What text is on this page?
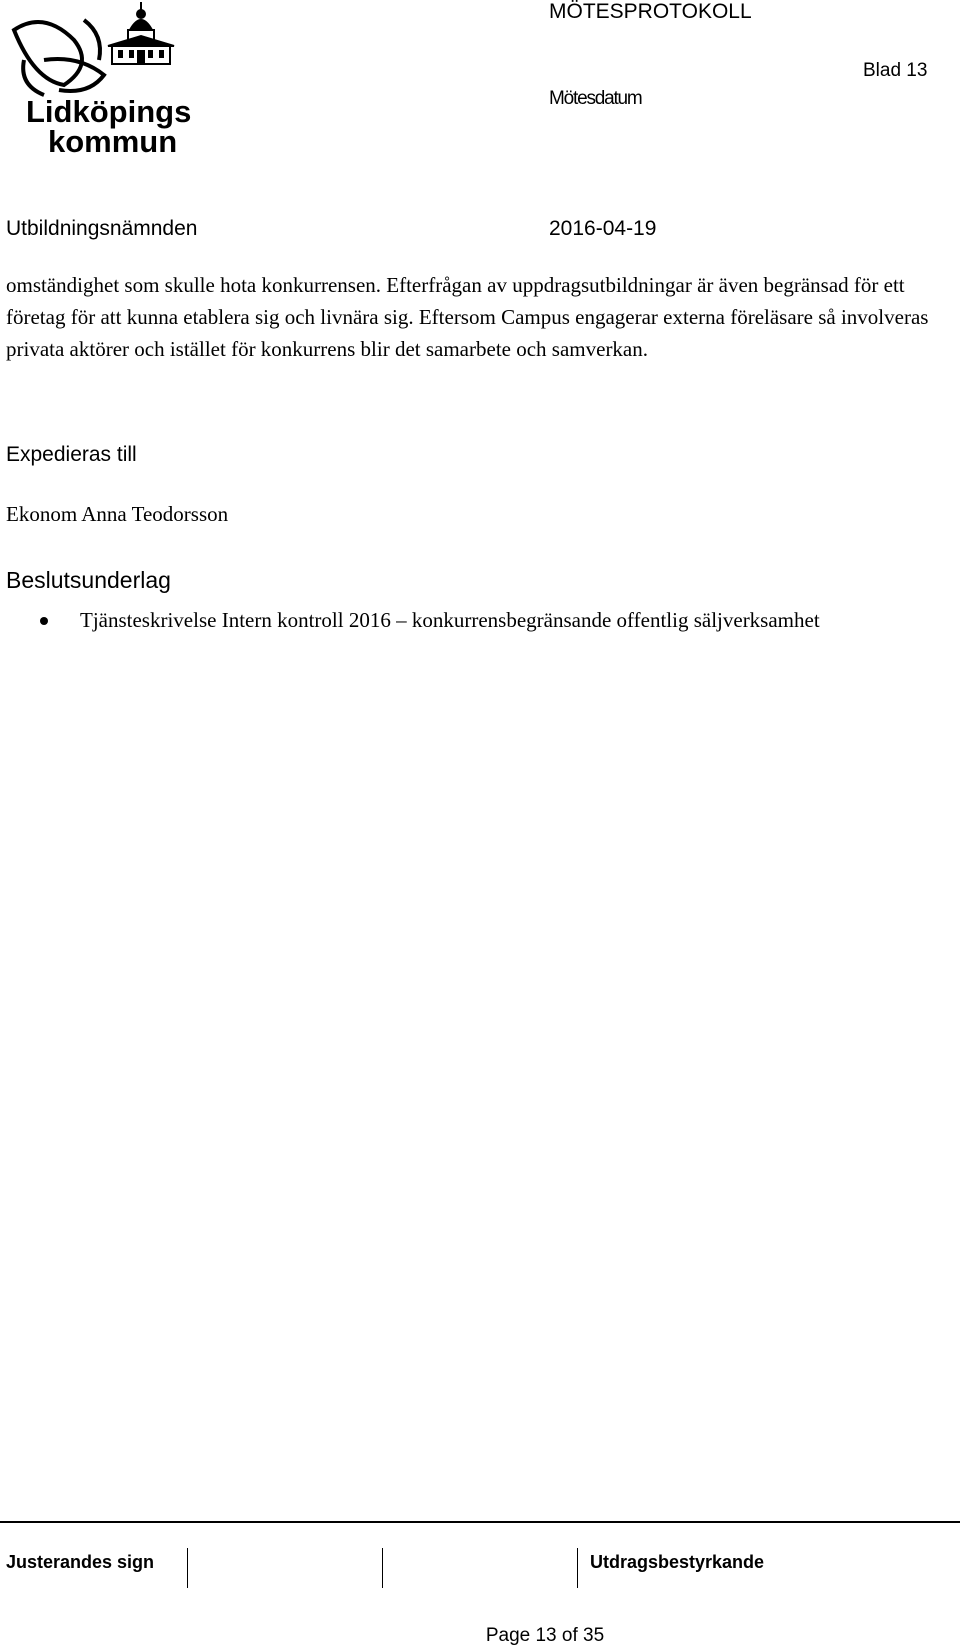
Lidköpings
kommun
MÖTESPROTOKOLL
Blad 13
Mötesdatum
Utbildningsnämnden	2016-04-19
omständighet som skulle hota konkurrensen. Efterfrågan av uppdragsutbildningar är även begränsad för ett företag för att kunna etablera sig och livnära sig. Eftersom Campus engagerar externa föreläsare så involveras privata aktörer och istället för konkurrens blir det samarbete och samverkan.
Expedieras till
Ekonom Anna Teodorsson
Beslutsunderlag
Tjänsteskrivelse Intern kontroll 2016 – konkurrensbegränsande offentlig säljverksamhet
Justerandes sign	Utdragsbestyrkande
Page 13 of 35
